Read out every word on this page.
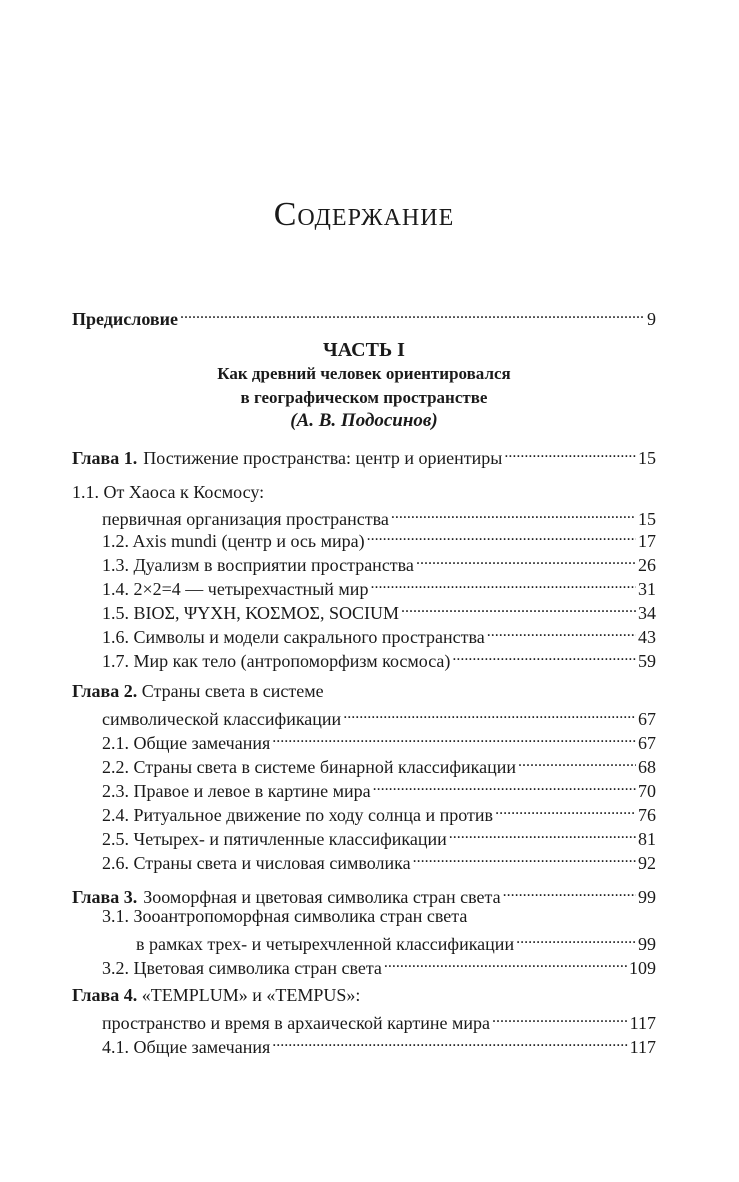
Содержание
Предисловие . . .	9
ЧАСТЬ I
Как древний человек ориентировался
в географическом пространстве
(А. В. Подосинов)
Глава 1. Постижение пространства: центр и ориентиры . . .	15
1.1. От Хаоса к Космосу:
первичная организация пространства . . .	15
1.2. Axis mundi (центр и ось мира) . . .	17
1.3. Дуализм в восприятии пространства . . .	26
1.4. 2×2=4 — четырехчастный мир . . .	31
1.5. ΒΙΟΣ, ΨΥΧΗ, ΚΟΣΜΟΣ, SOCIUM . . .	34
1.6. Символы и модели сакрального пространства . . .	43
1.7. Мир как тело (антропоморфизм космоса) . . .	59
Глава 2. Страны света в системе
символической классификации . . .	67
2.1. Общие замечания . . .	67
2.2. Страны света в системе бинарной классификации . . .	68
2.3. Правое и левое в картине мира . . .	70
2.4. Ритуальное движение по ходу солнца и против . . .	76
2.5. Четырех- и пятичленные классификации . . .	81
2.6. Страны света и числовая символика . . .	92
Глава 3. Зооморфная и цветовая символика стран света . . .	99
3.1. Зооантропоморфная символика стран света
в рамках трех- и четырехчленной классификации . . .	99
3.2. Цветовая символика стран света . . .	109
Глава 4. «TEMPLUM» и «TEMPUS»:
пространство и время в архаической картине мира . . .	117
4.1. Общие замечания . . .	117
